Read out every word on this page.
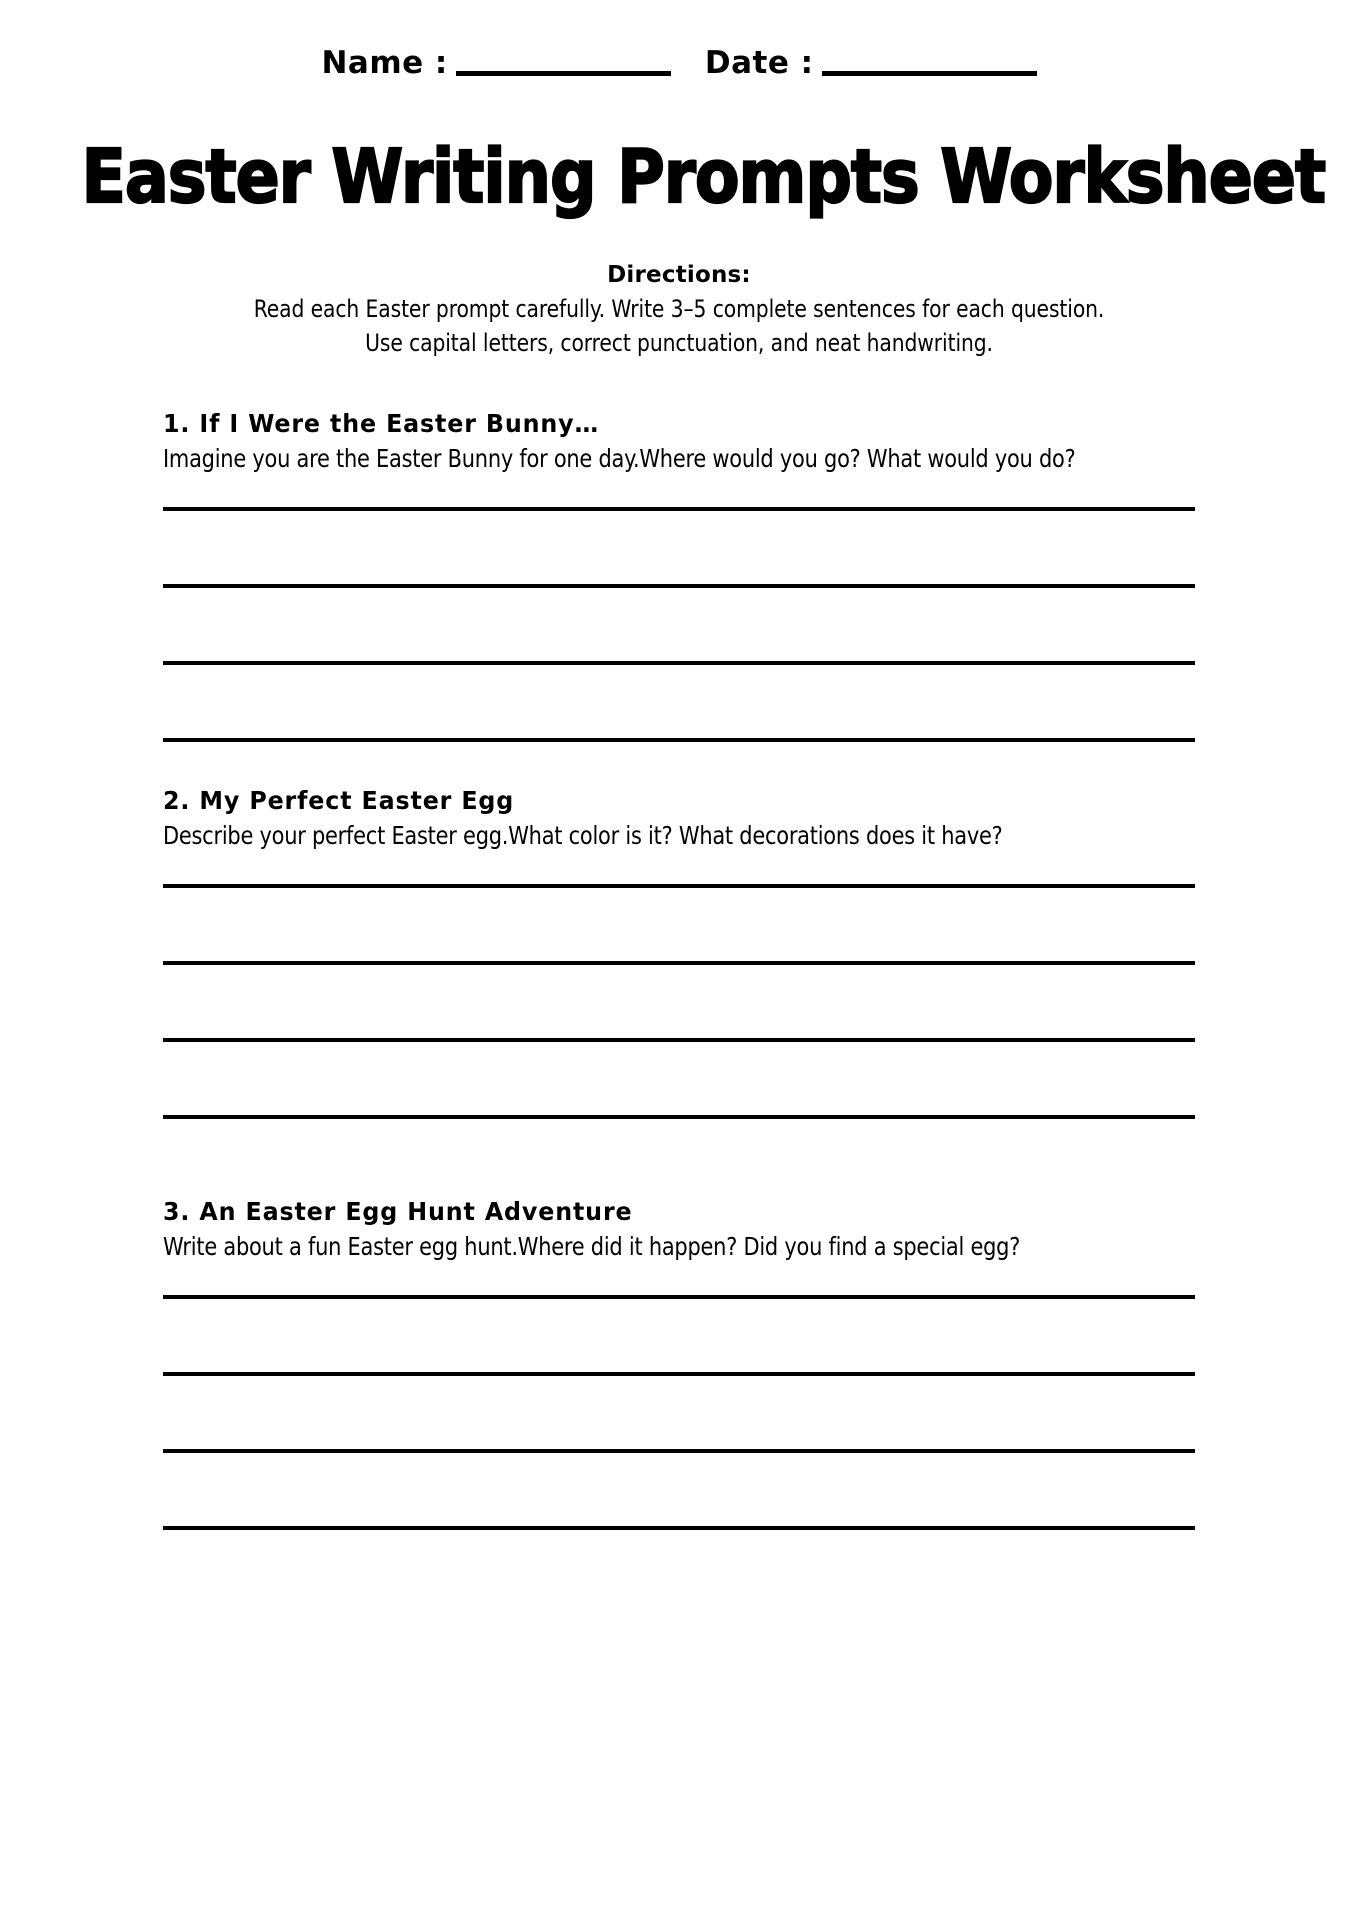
Name :	Date :
Easter Writing Prompts Worksheet
Directions:
Read each Easter prompt carefully. Write 3–5 complete sentences for each question.
Use capital letters, correct punctuation, and neat handwriting.
1. If I Were the Easter Bunny…
Imagine you are the Easter Bunny for one day.Where would you go? What would you do?
2. My Perfect Easter Egg
Describe your perfect Easter egg.What color is it? What decorations does it have?
3. An Easter Egg Hunt Adventure
Write about a fun Easter egg hunt.Where did it happen? Did you find a special egg?
